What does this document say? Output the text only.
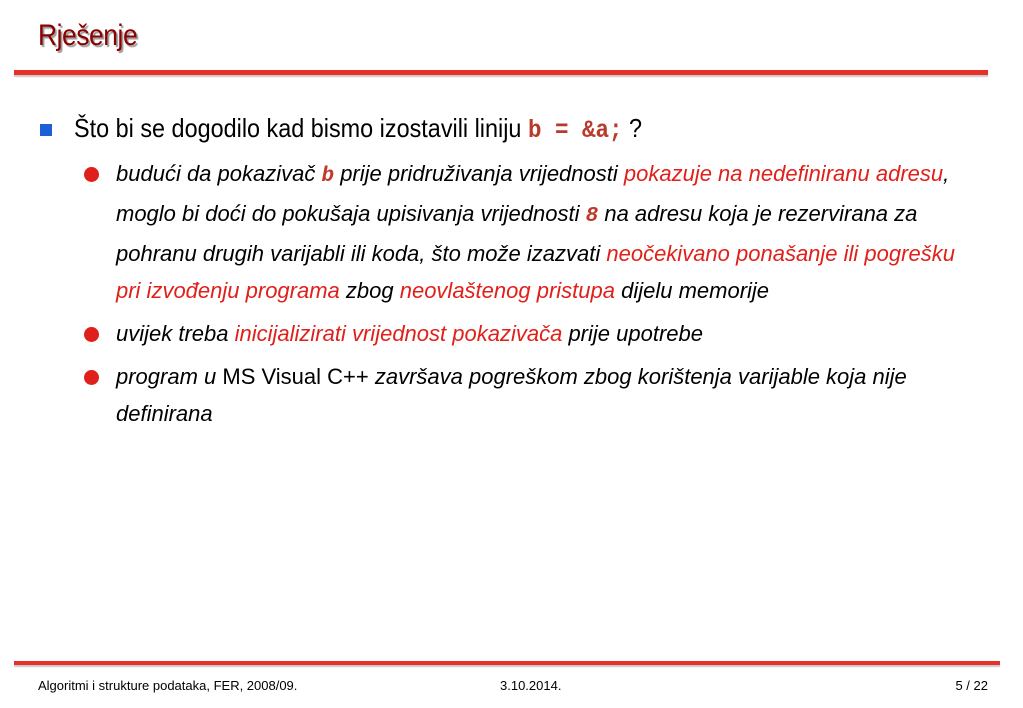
Rješenje
Što bi se dogodilo kad bismo izostavili liniju b = &a; ?
budući da pokazivač b prije pridruživanja vrijednosti pokazuje na nedefiniranu adresu, moglo bi doći do pokušaja upisivanja vrijednosti 8 na adresu koja je rezervirana za pohranu drugih varijabli ili koda, što može izazvati neočekivano ponašanje ili pogrešku pri izvođenju programa zbog neovlaštenog pristupa dijelu memorije
uvijek treba inicijalizirati vrijednost pokazivača prije upotrebe
program u MS Visual C++ završava pogreškom zbog korištenja varijable koja nije definirana
Algoritmi i strukture podataka, FER, 2008/09.	3.10.2014.	5 / 22
